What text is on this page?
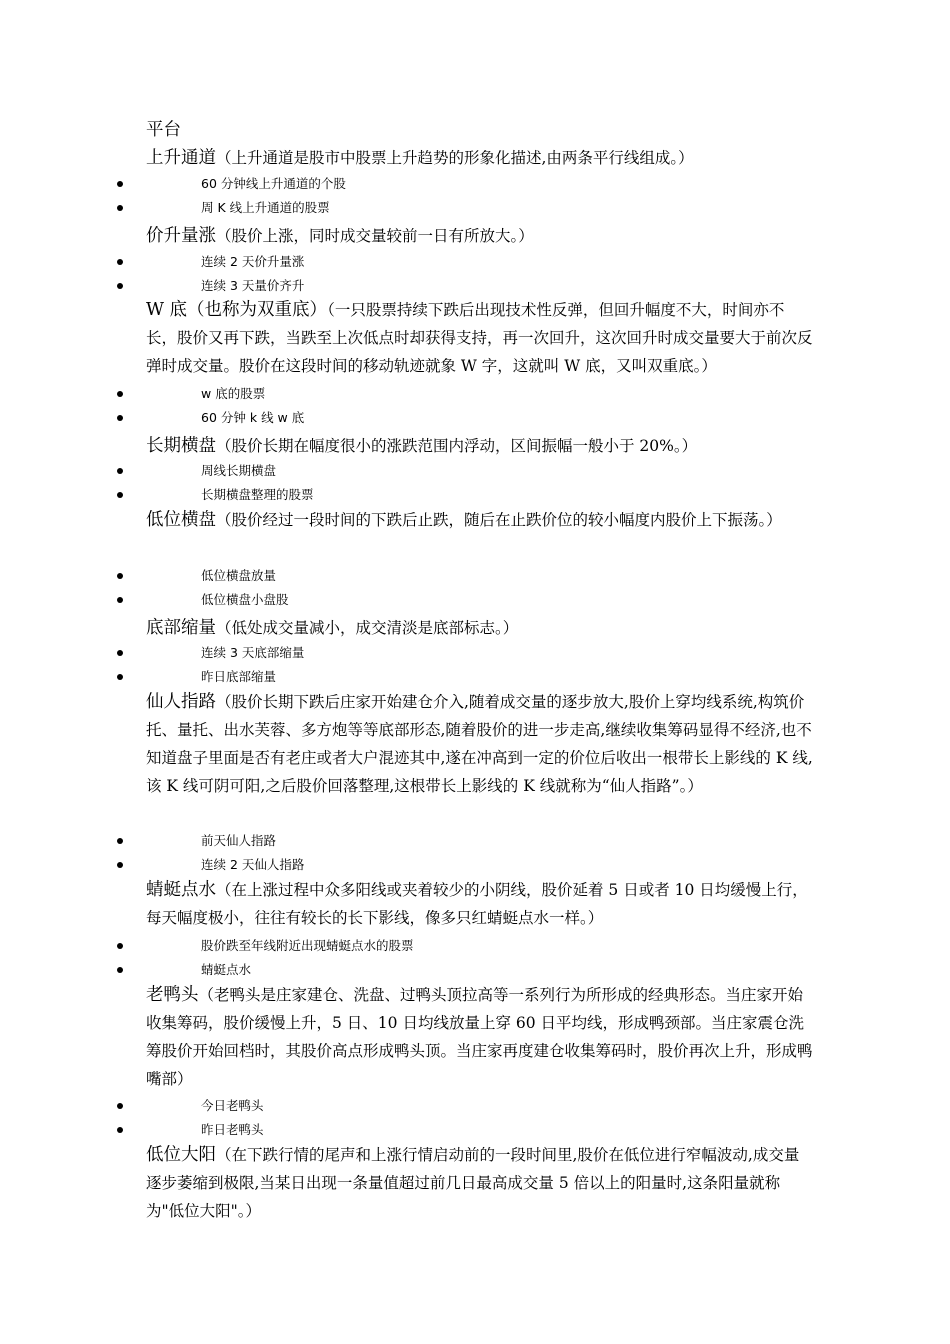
平台
上升通道（上升通道是股市中股票上升趋势的形象化描述,由两条平行线组成。）
60 分钟线上升通道的个股
周 K 线上升通道的股票
价升量涨（股价上涨，同时成交量较前一日有所放大。）
连续 2 天价升量涨
连续 3 天量价齐升
W 底（也称为双重底）（一只股票持续下跌后出现技术性反弹，但回升幅度不大，时间亦不长，股价又再下跌，当跌至上次低点时却获得支持，再一次回升，这次回升时成交量要大于前次反弹时成交量。股价在这段时间的移动轨迹就象 W 字，这就叫 W 底，又叫双重底。）
w 底的股票
60 分钟 k 线 w 底
长期横盘（股价长期在幅度很小的涨跌范围内浮动，区间振幅一般小于 20%。）
周线长期横盘
长期横盘整理的股票
低位横盘（股价经过一段时间的下跌后止跌，随后在止跌价位的较小幅度内股价上下振荡。）
低位横盘放量
低位横盘小盘股
底部缩量（低处成交量减小，成交清淡是底部标志。）
连续 3 天底部缩量
昨日底部缩量
仙人指路（股价长期下跌后庄家开始建仓介入,随着成交量的逐步放大,股价上穿均线系统,构筑价托、量托、出水芙蓉、多方炮等等底部形态,随着股价的进一步走高,继续收集筹码显得不经济,也不知道盘子里面是否有老庄或者大户混迹其中,遂在冲高到一定的价位后收出一根带长上影线的 K 线,该 K 线可阴可阳,之后股价回落整理,这根带长上影线的 K 线就称为“仙人指路”。）
前天仙人指路
连续 2 天仙人指路
蜻蜓点水（在上涨过程中众多阳线或夹着较少的小阴线，股价延着 5 日或者 10 日均缓慢上行，每天幅度极小，往往有较长的长下影线，像多只红蜻蜓点水一样。）
股价跌至年线附近出现蜻蜓点水的股票
蜻蜓点水
老鸭头（老鸭头是庄家建仓、洗盘、过鸭头顶拉高等一系列行为所形成的经典形态。当庄家开始收集筹码，股价缓慢上升，5 日、10 日均线放量上穿 60 日平均线，形成鸭颈部。当庄家震仓洗筹股价开始回档时，其股价高点形成鸭头顶。当庄家再度建仓收集筹码时，股价再次上升，形成鸭嘴部）
今日老鸭头
昨日老鸭头
低位大阳（在下跌行情的尾声和上涨行情启动前的一段时间里,股价在低位进行窄幅波动,成交量逐步萎缩到极限,当某日出现一条量值超过前几日最高成交量 5 倍以上的阳量时,这条阳量就称为"低位大阳"。）
